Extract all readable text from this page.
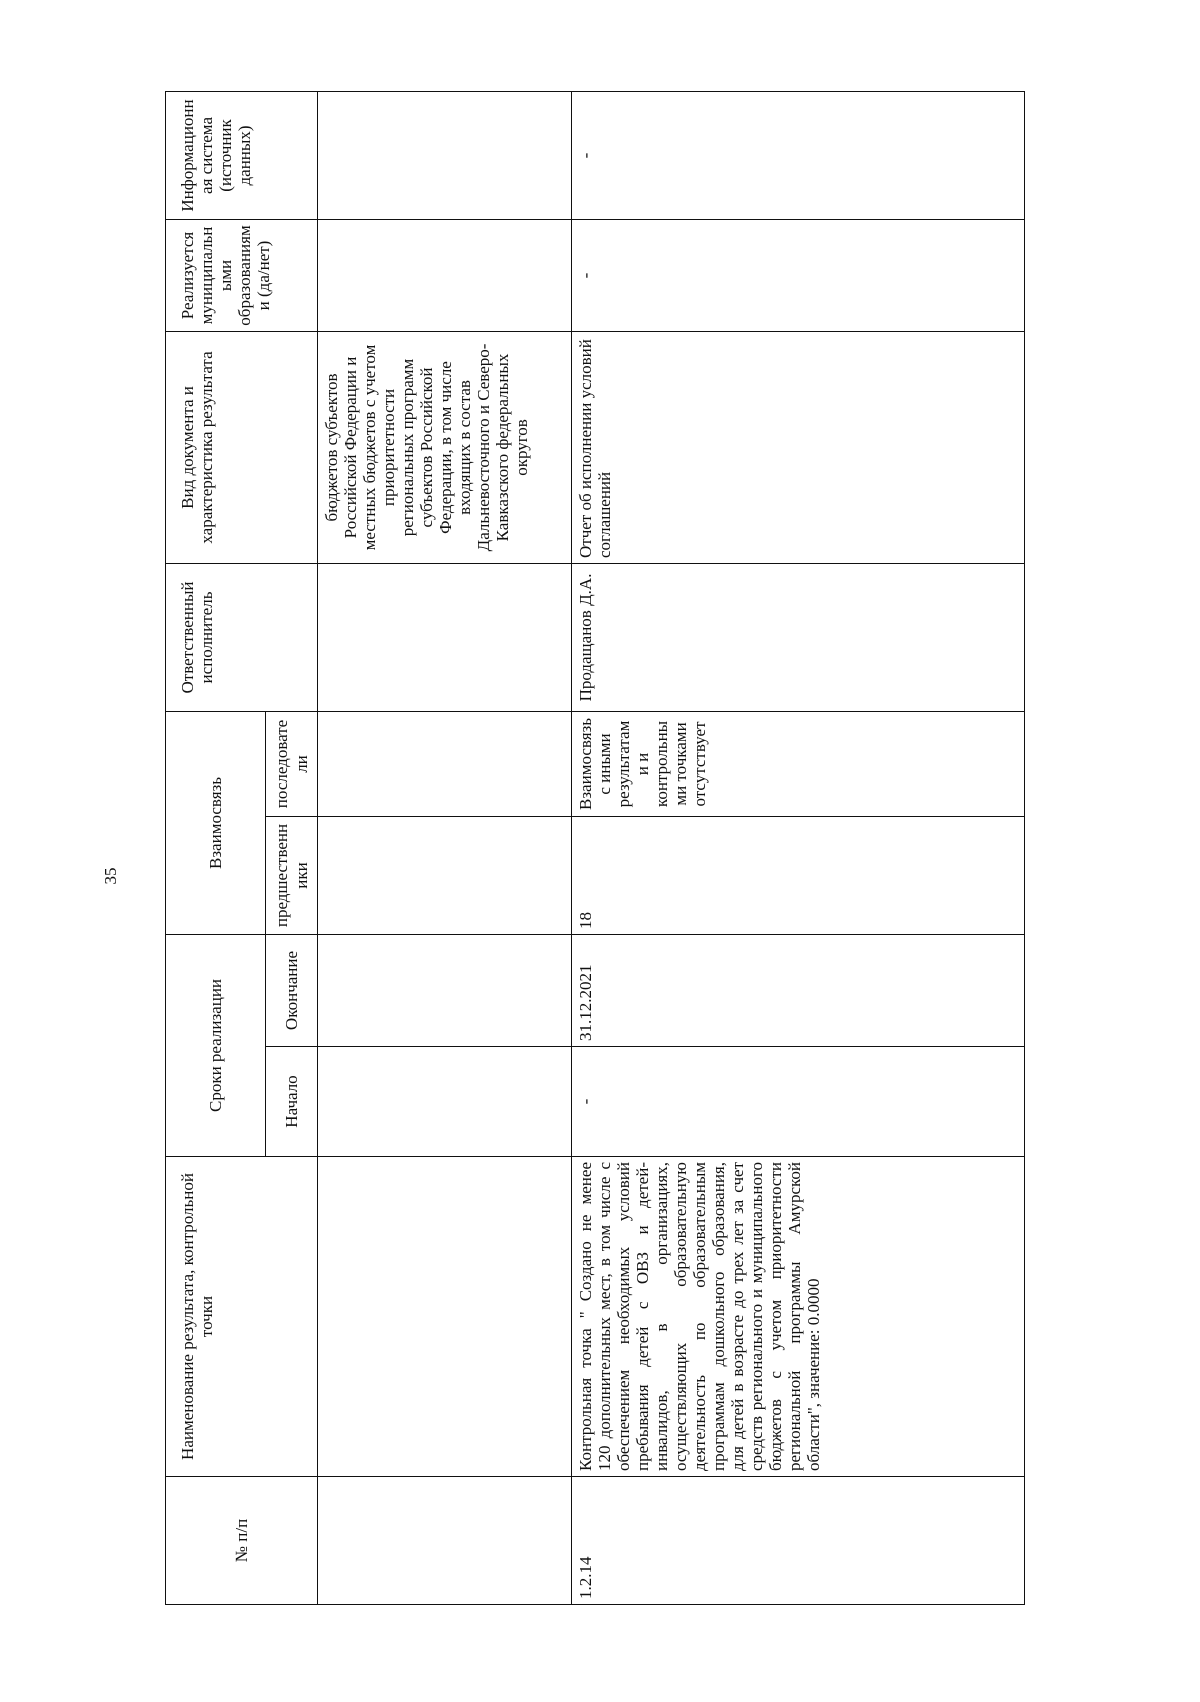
35
№ п/п	Наименование результата, контрольной точки	Сроки реализации		Взаимосвязь		Ответственный исполнитель	Вид документа и характеристика результата	Реализуется муниципальными образованиями (да/нет)	Информационная система (источник данных)
		Начало	Окончание	предшественники	последователи				
							бюджетов субъектов Российской Федерации и местных бюджетов с учетом приоритетности региональных программ субъектов Российской Федерации, в том числе входящих в состав Дальневосточного и Северо-Кавказского федеральных округов		
1.2.14	Контрольная точка " Создано не менее 120 дополнительных мест, в том числе с обеспечением необходимых условий пребывания детей с ОВЗ и детей-инвалидов, в организациях, осуществляющих образовательную деятельность по образовательным программам дошкольного образования, для детей в возрасте до трех лет за счет средств регионального и муниципального бюджетов с учетом приоритетности региональной программы Амурской области", значение: 0.0000	-	31.12.2021	18	Взаимосвязь с иными результатами и контрольными точками отсутствует	Продащанов Д.А.	Отчет об исполнении условий соглашений	-	-
